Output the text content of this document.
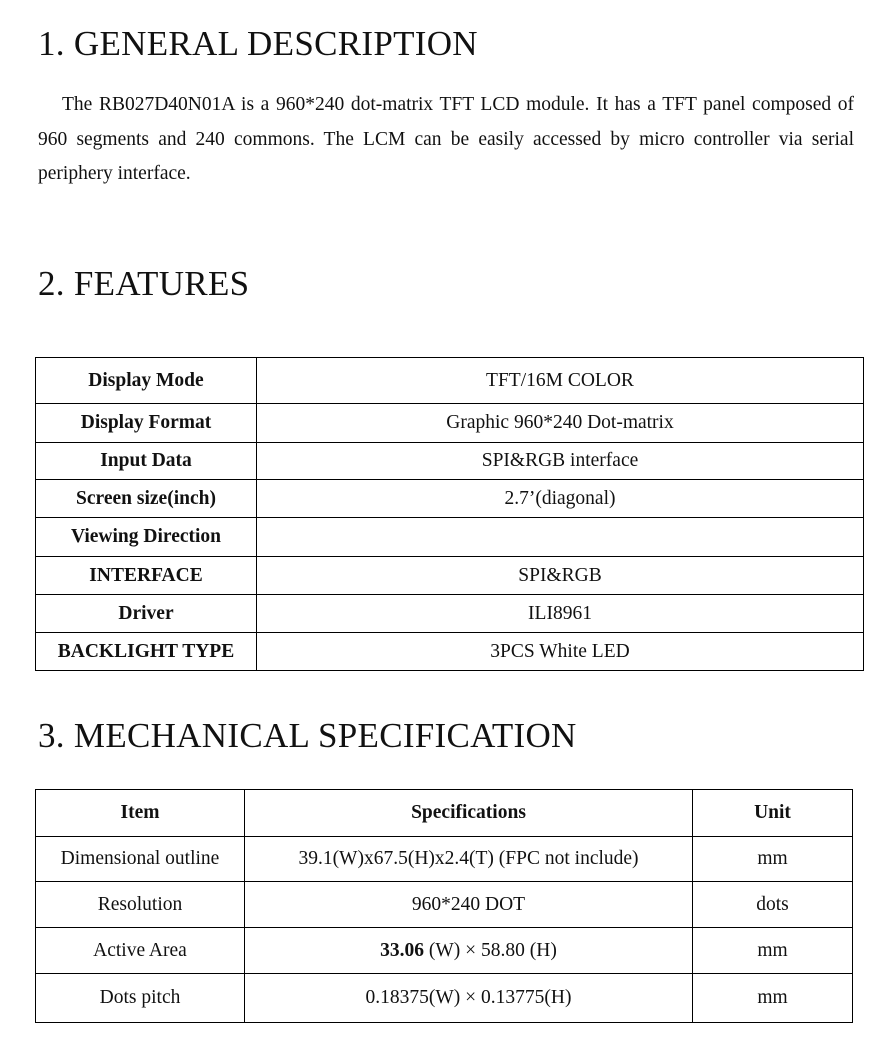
1. GENERAL DESCRIPTION

The RB027D40N01A is a 960*240 dot-matrix TFT LCD module. It has a TFT panel composed of 960 segments and 240 commons. The LCM can be easily accessed by micro controller via serial periphery interface.

2. FEATURES
Display Mode	TFT/16M COLOR
Display Format	Graphic 960*240 Dot-matrix
Input Data	SPI&RGB interface
Screen size(inch)	2.7’(diagonal)
Viewing Direction	
INTERFACE	SPI&RGB
Driver	ILI8961
BACKLIGHT TYPE	3PCS White LED
3. MECHANICAL SPECIFICATION
Item	Specifications	Unit
Dimensional outline	39.1(W)x67.5(H)x2.4(T) (FPC not include)	mm
Resolution	960*240 DOT	dots
Active Area	33.06 (W) × 58.80 (H)	mm
Dots pitch	0.18375(W) × 0.13775(H)	mm
